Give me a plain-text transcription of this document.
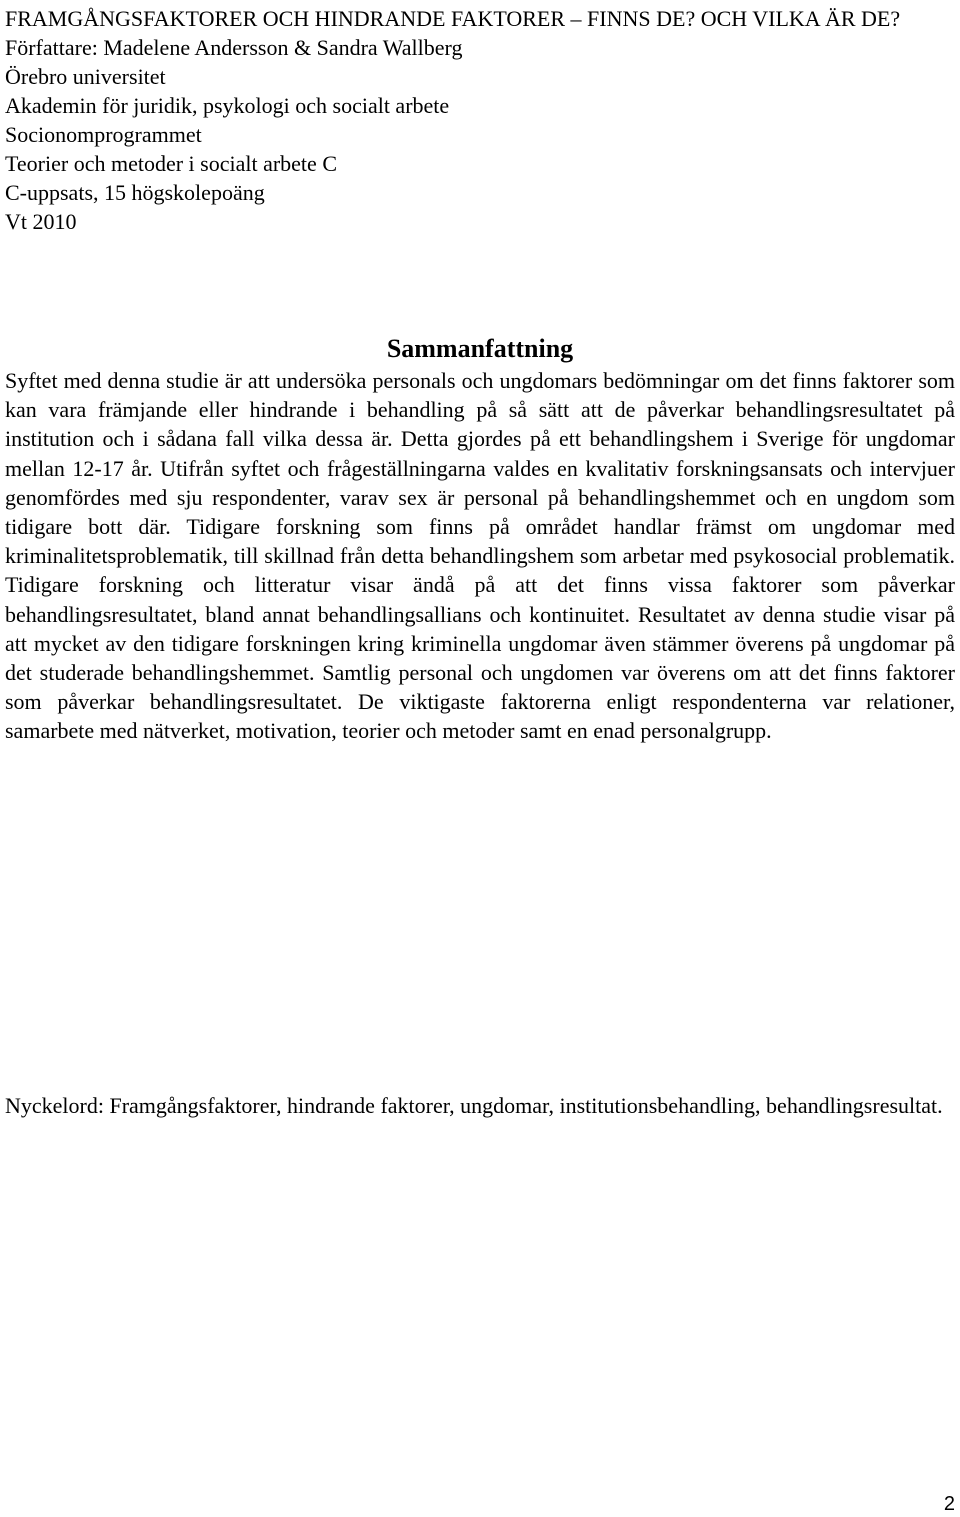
FRAMGÅNGSFAKTORER OCH HINDRANDE FAKTORER – FINNS DE? OCH VILKA ÄR DE?
Författare: Madelene Andersson & Sandra Wallberg
Örebro universitet
Akademin för juridik, psykologi och socialt arbete
Socionomprogrammet
Teorier och metoder i socialt arbete C
C-uppsats, 15 högskolepoäng
Vt 2010
Sammanfattning

Syftet med denna studie är att undersöka personals och ungdomars bedömningar om det finns faktorer som kan vara främjande eller hindrande i behandling på så sätt att de påverkar behandlingsresultatet på institution och i sådana fall vilka dessa är. Detta gjordes på ett behandlingshem i Sverige för ungdomar mellan 12-17 år. Utifrån syftet och frågeställningarna valdes en kvalitativ forskningsansats och intervjuer genomfördes med sju respondenter, varav sex är personal på behandlingshemmet och en ungdom som tidigare bott där. Tidigare forskning som finns på området handlar främst om ungdomar med kriminalitetsproblematik, till skillnad från detta behandlingshem som arbetar med psykosocial problematik. Tidigare forskning och litteratur visar ändå på att det finns vissa faktorer som påverkar behandlingsresultatet, bland annat behandlingsallians och kontinuitet. Resultatet av denna studie visar på att mycket av den tidigare forskningen kring kriminella ungdomar även stämmer överens på ungdomar på det studerade behandlingshemmet. Samtlig personal och ungdomen var överens om att det finns faktorer som påverkar behandlingsresultatet. De viktigaste faktorerna enligt respondenterna var relationer, samarbete med nätverket, motivation, teorier och metoder samt en enad personalgrupp.

Nyckelord: Framgångsfaktorer, hindrande faktorer, ungdomar, institutionsbehandling, behandlingsresultat.

2
